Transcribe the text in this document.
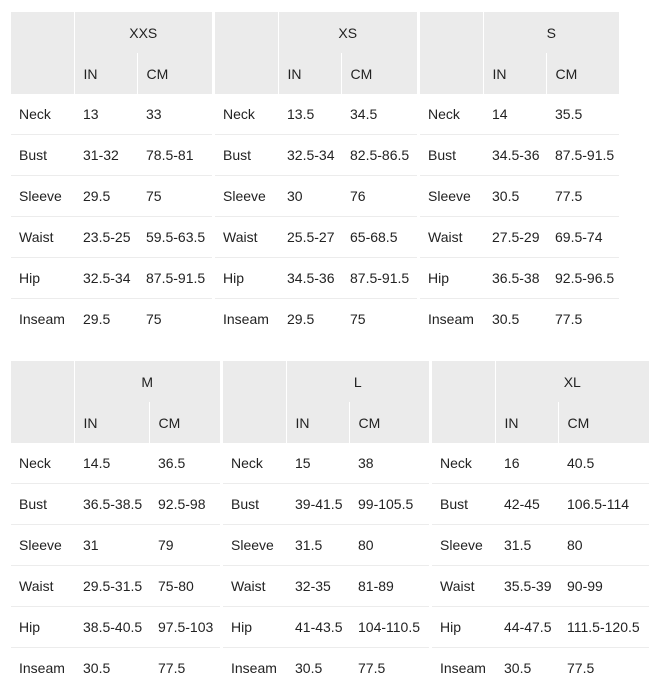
	XXS	

	IN	CM

Neck	13	33

Bust	31-32	78.5-81

Sleeve	29.5	75

Waist	23.5-25	59.5-63.5

Hip	32.5-34	87.5-91.5

Inseam	29.5	75

	XS	

	IN	CM

Neck	13.5	34.5

Bust	32.5-34	82.5-86.5

Sleeve	30	76

Waist	25.5-27	65-68.5

Hip	34.5-36	87.5-91.5

Inseam	29.5	75

	S	

	IN	CM

Neck	14	35.5

Bust	34.5-36	87.5-91.5

Sleeve	30.5	77.5

Waist	27.5-29	69.5-74

Hip	36.5-38	92.5-96.5

Inseam	30.5	77.5

	M	

	IN	CM

Neck	14.5	36.5

Bust	36.5-38.5	92.5-98

Sleeve	31	79

Waist	29.5-31.5	75-80

Hip	38.5-40.5	97.5-103

Inseam	30.5	77.5

	L	

	IN	CM

Neck	15	38

Bust	39-41.5	99-105.5

Sleeve	31.5	80

Waist	32-35	81-89

Hip	41-43.5	104-110.5

Inseam	30.5	77.5

	XL	

	IN	CM

Neck	16	40.5

Bust	42-45	106.5-114

Sleeve	31.5	80

Waist	35.5-39	90-99

Hip	44-47.5	111.5-120.5

Inseam	30.5	77.5
